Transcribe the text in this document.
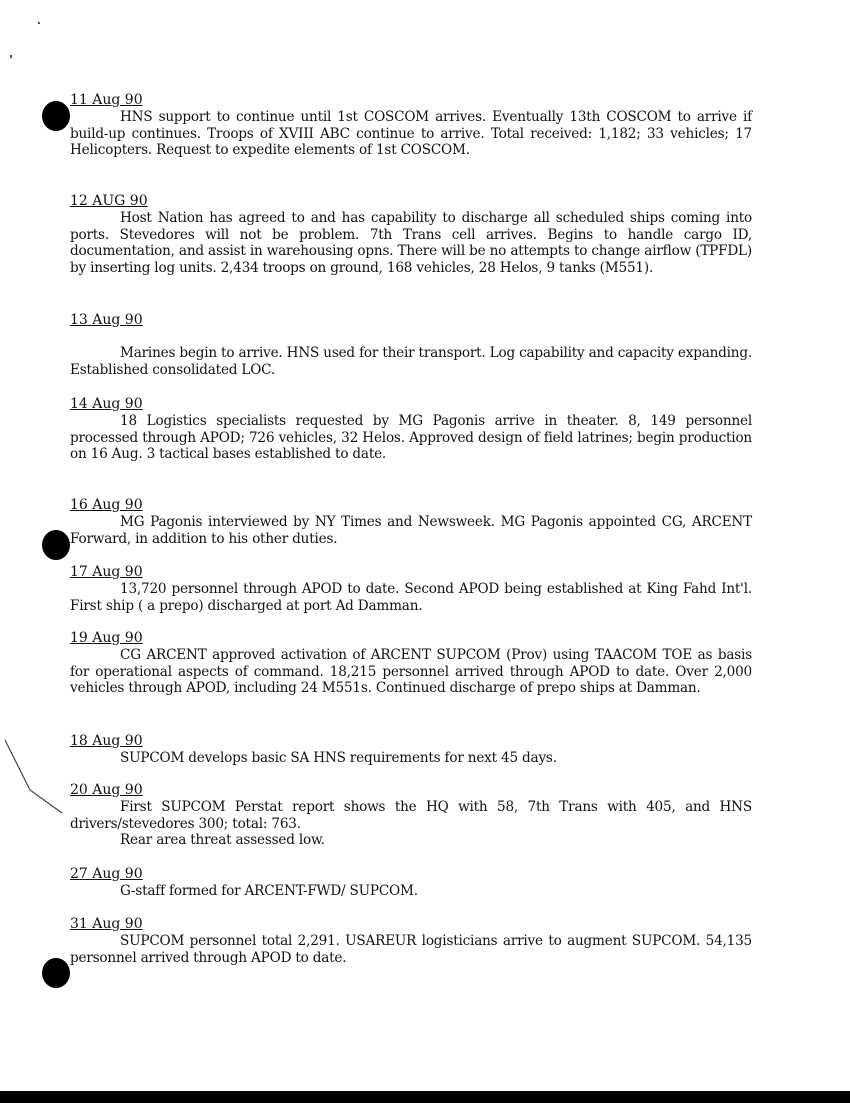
11 Aug 90

HNS support to continue until 1st COSCOM arrives. Eventually 13th COSCOM to arrive if build-up continues. Troops of XVIII ABC continue to arrive. Total received: 1,182; 33 vehicles; 17 Helicopters. Request to expedite elements of 1st COSCOM.

12 AUG 90

Host Nation has agreed to and has capability to discharge all scheduled ships coming into ports. Stevedores will not be problem. 7th Trans cell arrives. Begins to handle cargo ID, documentation, and assist in warehousing opns. There will be no attempts to change airflow (TPFDL) by inserting log units. 2,434 troops on ground, 168 vehicles, 28 Helos, 9 tanks (M551).

13 Aug 90

Marines begin to arrive. HNS used for their transport. Log capability and capacity expanding. Established consolidated LOC.

14 Aug 90

18 Logistics specialists requested by MG Pagonis arrive in theater. 8, 149 personnel processed through APOD; 726 vehicles, 32 Helos. Approved design of field latrines; begin production on 16 Aug. 3 tactical bases established to date.

16 Aug 90

MG Pagonis interviewed by NY Times and Newsweek. MG Pagonis appointed CG, ARCENT Forward, in addition to his other duties.

17 Aug 90

13,720 personnel through APOD to date. Second APOD being established at King Fahd Int'l. First ship ( a prepo) discharged at port Ad Damman.

19 Aug 90

CG ARCENT approved activation of ARCENT SUPCOM (Prov) using TAACOM TOE as basis for operational aspects of command. 18,215 personnel arrived through APOD to date. Over 2,000 vehicles through APOD, including 24 M551s. Continued discharge of prepo ships at Damman.

18 Aug 90

SUPCOM develops basic SA HNS requirements for next 45 days.

20 Aug 90

First SUPCOM Perstat report shows the HQ with 58, 7th Trans with 405, and HNS drivers/stevedores 300; total: 763.

Rear area threat assessed low.

27 Aug 90

G-staff formed for ARCENT-FWD/ SUPCOM.

31 Aug 90

SUPCOM personnel total 2,291. USAREUR logisticians arrive to augment SUPCOM. 54,135 personnel arrived through APOD to date.
